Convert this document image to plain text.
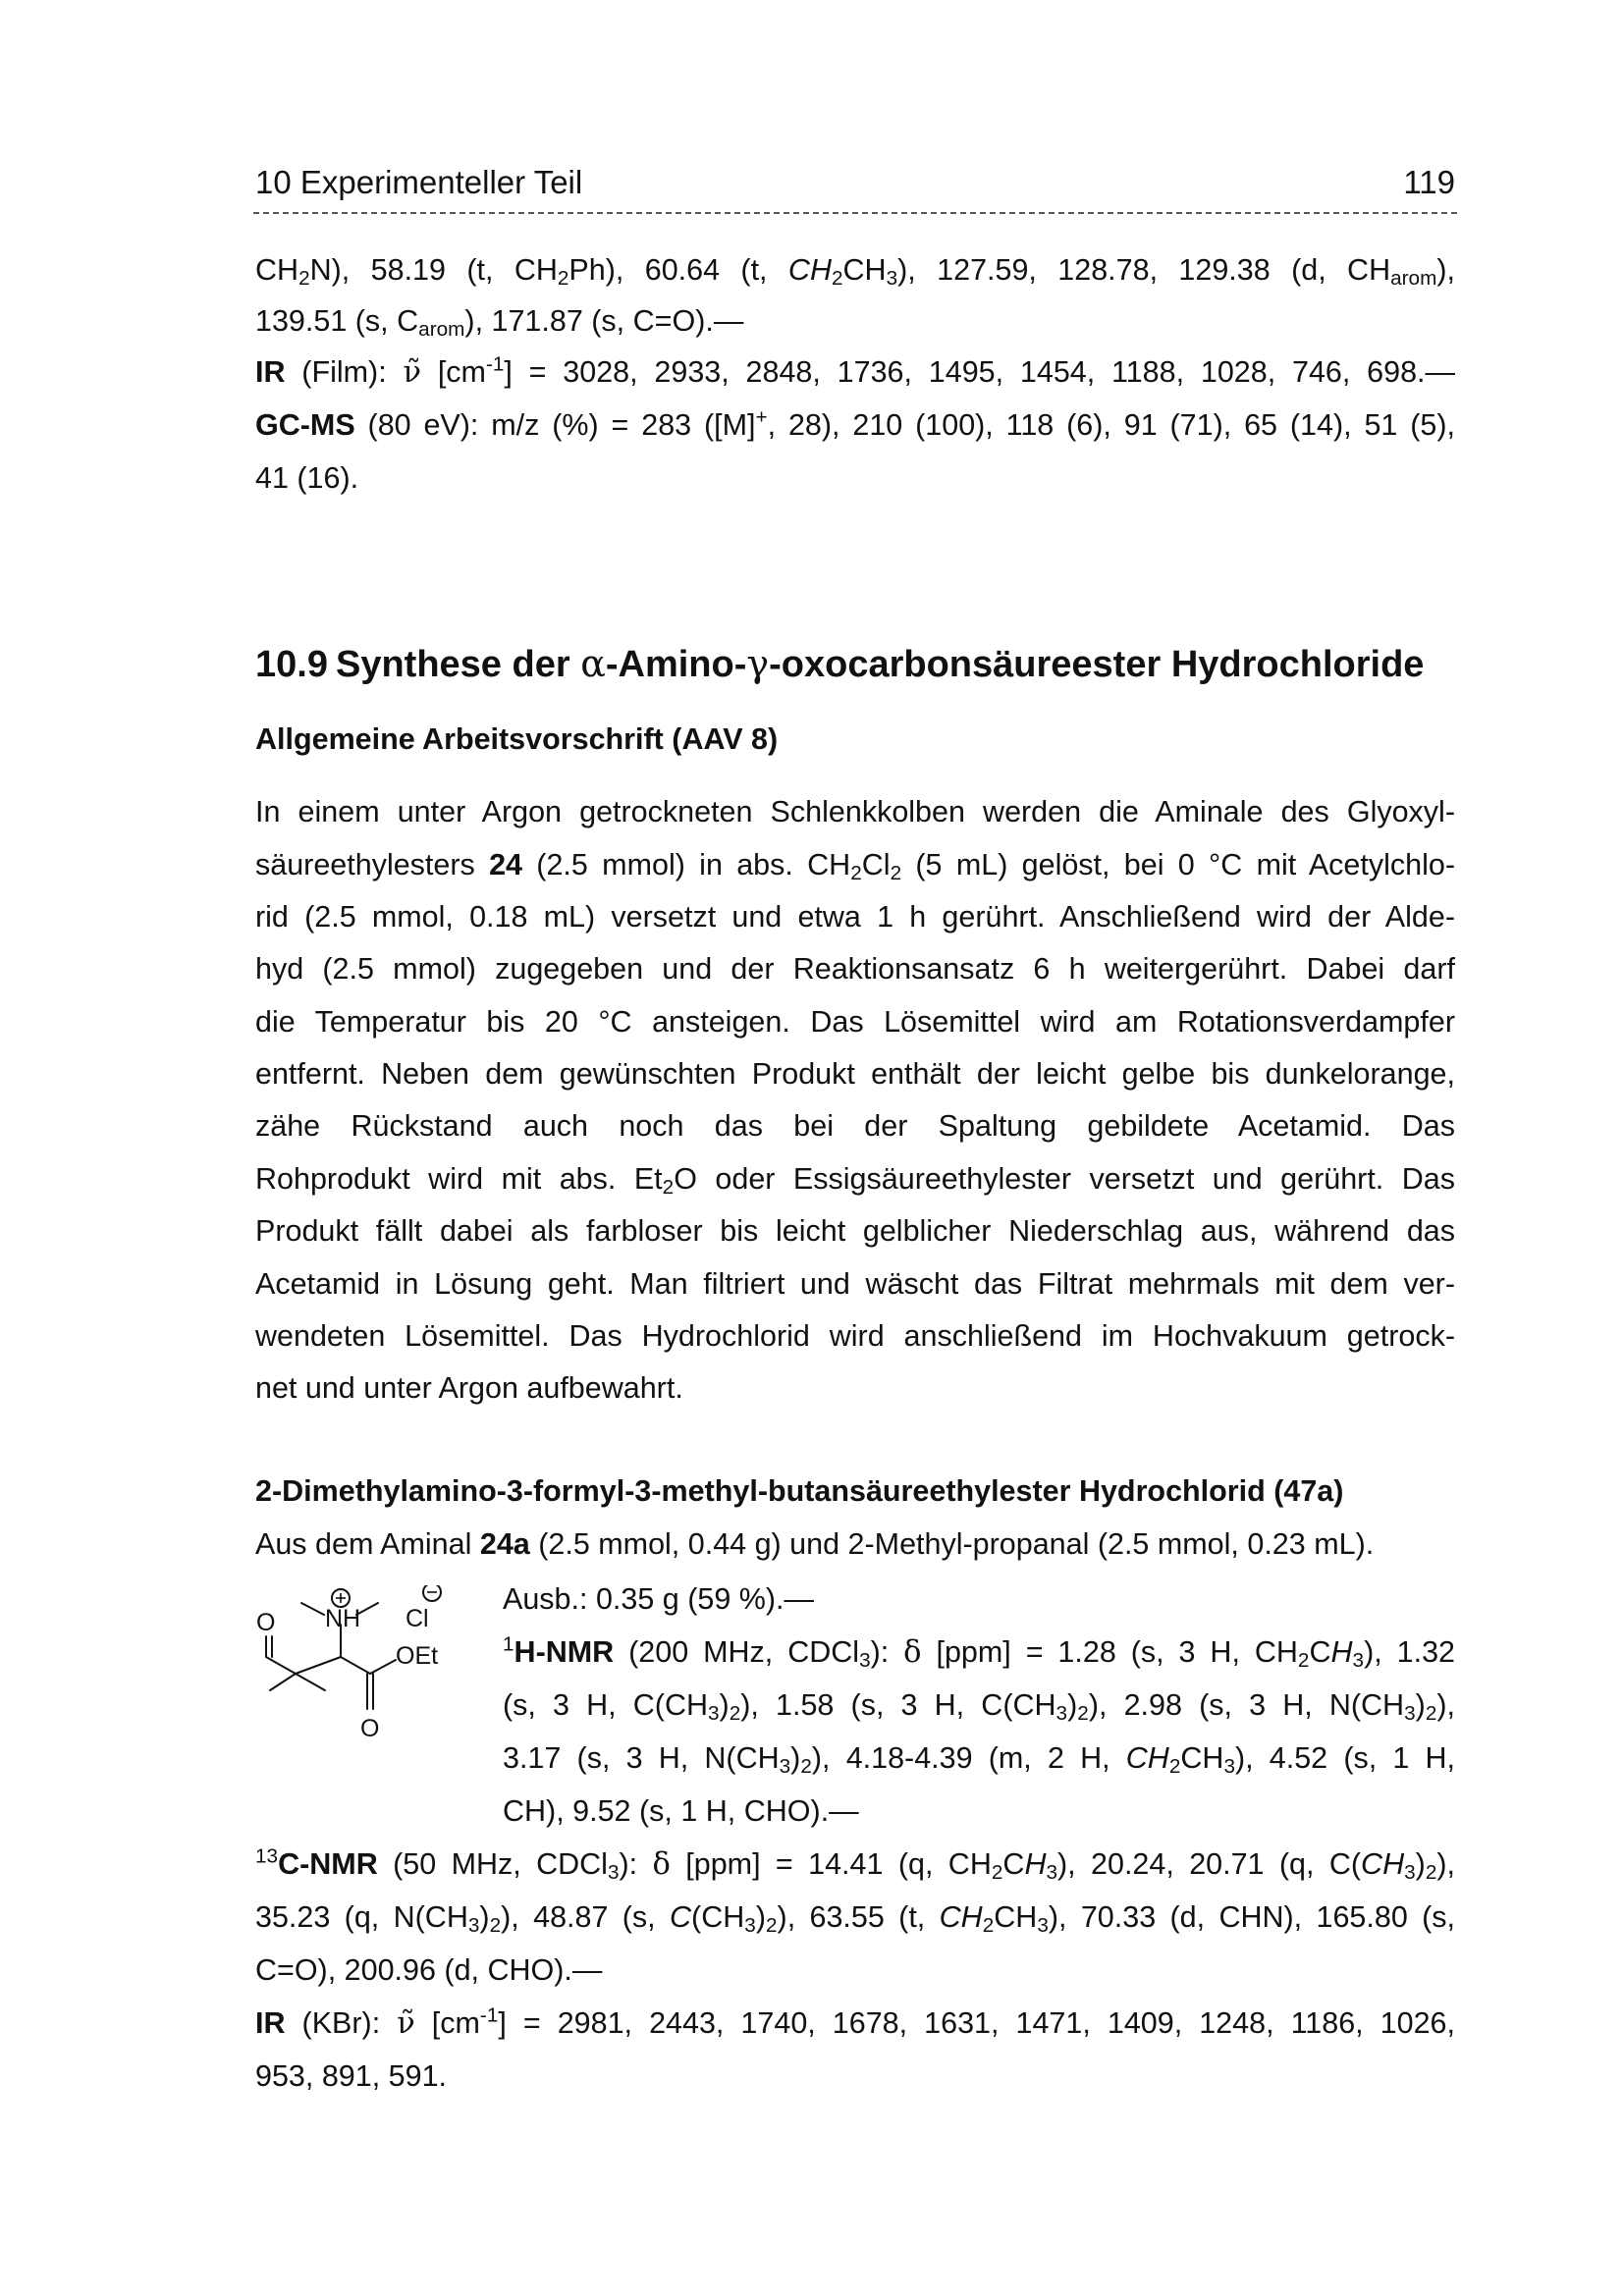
10 Experimenteller Teil	119
$CH_2N$), 58.19 (t, $CH_2Ph$), 60.64 (t, $CH_2CH_3$), 127.59, 128.78, 129.38 (d, $CH_{arom}$),
139.51 (s, $C_{arom}$), 171.87 (s, C=O).—
IR (Film): ν̃ $[cm^{-1}] = 3028$, 2933, 2848, 1736, 1495, 1454, 1188, 1028, 746, 698.—
GC-MS (80 eV): m/z (%) = 283 ([M]+, 28), 210 (100), 118 (6), 91 (71), 65 (14), 51 (5),
41 (16).
10.9 Synthese der α-Amino-γ-oxocarbonsäureester Hydrochloride
Allgemeine Arbeitsvorschrift (AAV 8)
In einem unter Argon getrockneten Schlenkkolben werden die Aminale des Glyoxyl-
säureethylesters 24 (2.5 mmol) in abs. $CH_2Cl_2$ (5 mL) gelöst, bei 0 °C mit Acetylchlo-
rid (2.5 mmol, 0.18 mL) versetzt und etwa 1 h gerührt. Anschließend wird der Alde-
hyd (2.5 mmol) zugegeben und der Reaktionsansatz 6 h weitergerührt. Dabei darf
die Temperatur bis 20 °C ansteigen. Das Lösemittel wird am Rotationsverdampfer
entfernt. Neben dem gewünschten Produkt enthält der leicht gelbe bis dunkelorange,
zähe Rückstand auch noch das bei der Spaltung gebildete Acetamid. Das
Rohprodukt wird mit abs. $Et_2O$ oder Essigsäureethylester versetzt und gerührt. Das
Produkt fällt dabei als farbloser bis leicht gelblicher Niederschlag aus, während das
Acetamid in Lösung geht. Man filtriert und wäscht das Filtrat mehrmals mit dem ver-
wendeten Lösemittel. Das Hydrochlorid wird anschließend im Hochvakuum getrock-
net und unter Argon aufbewahrt.
2-Dimethylamino-3-formyl-3-methyl-butansäureethylester Hydrochlorid (47a)
Aus dem Aminal 24a (2.5 mmol, 0.44 g) und 2-Methyl-propanal (2.5 mmol, 0.23 mL).
O NH Cl
OEt
O
Ausb.: 0.35 g (59 %).—
$^1$H-NMR (200 MHz, CDCl$_3$): δ [ppm] = 1.28 (s, 3 H, $CH_2CH_3$), 1.32
(s, 3 H, $C(CH_3)_2$), 1.58 (s, 3 H, $C(CH_3)_2$), 2.98 (s, 3 H, $N(CH_3)_2$),
3.17 (s, 3 H, $N(CH_3)_2$), 4.18-4.39 (m, 2 H, $CH_2CH_3$), 4.52 (s, 1 H,
CH), 9.52 (s, 1 H, CHO).—
$^{13}$C-NMR (50 MHz, CDCl$_3$): δ [ppm] = 14.41 (q, $CH_2CH_3$), 20.24, 20.71 (q, $C(CH_3)_2$),
35.23 (q, $N(CH_3)_2$), 48.87 (s, $C(CH_3)_2$), 63.55 (t, $CH_2CH_3$), 70.33 (d, CHN), 165.80 (s,
C=O), 200.96 (d, CHO).—
IR (KBr): ν̃ $[cm^{-1}] = 2981$, 2443, 1740, 1678, 1631, 1471, 1409, 1248, 1186, 1026,
953, 891, 591.
